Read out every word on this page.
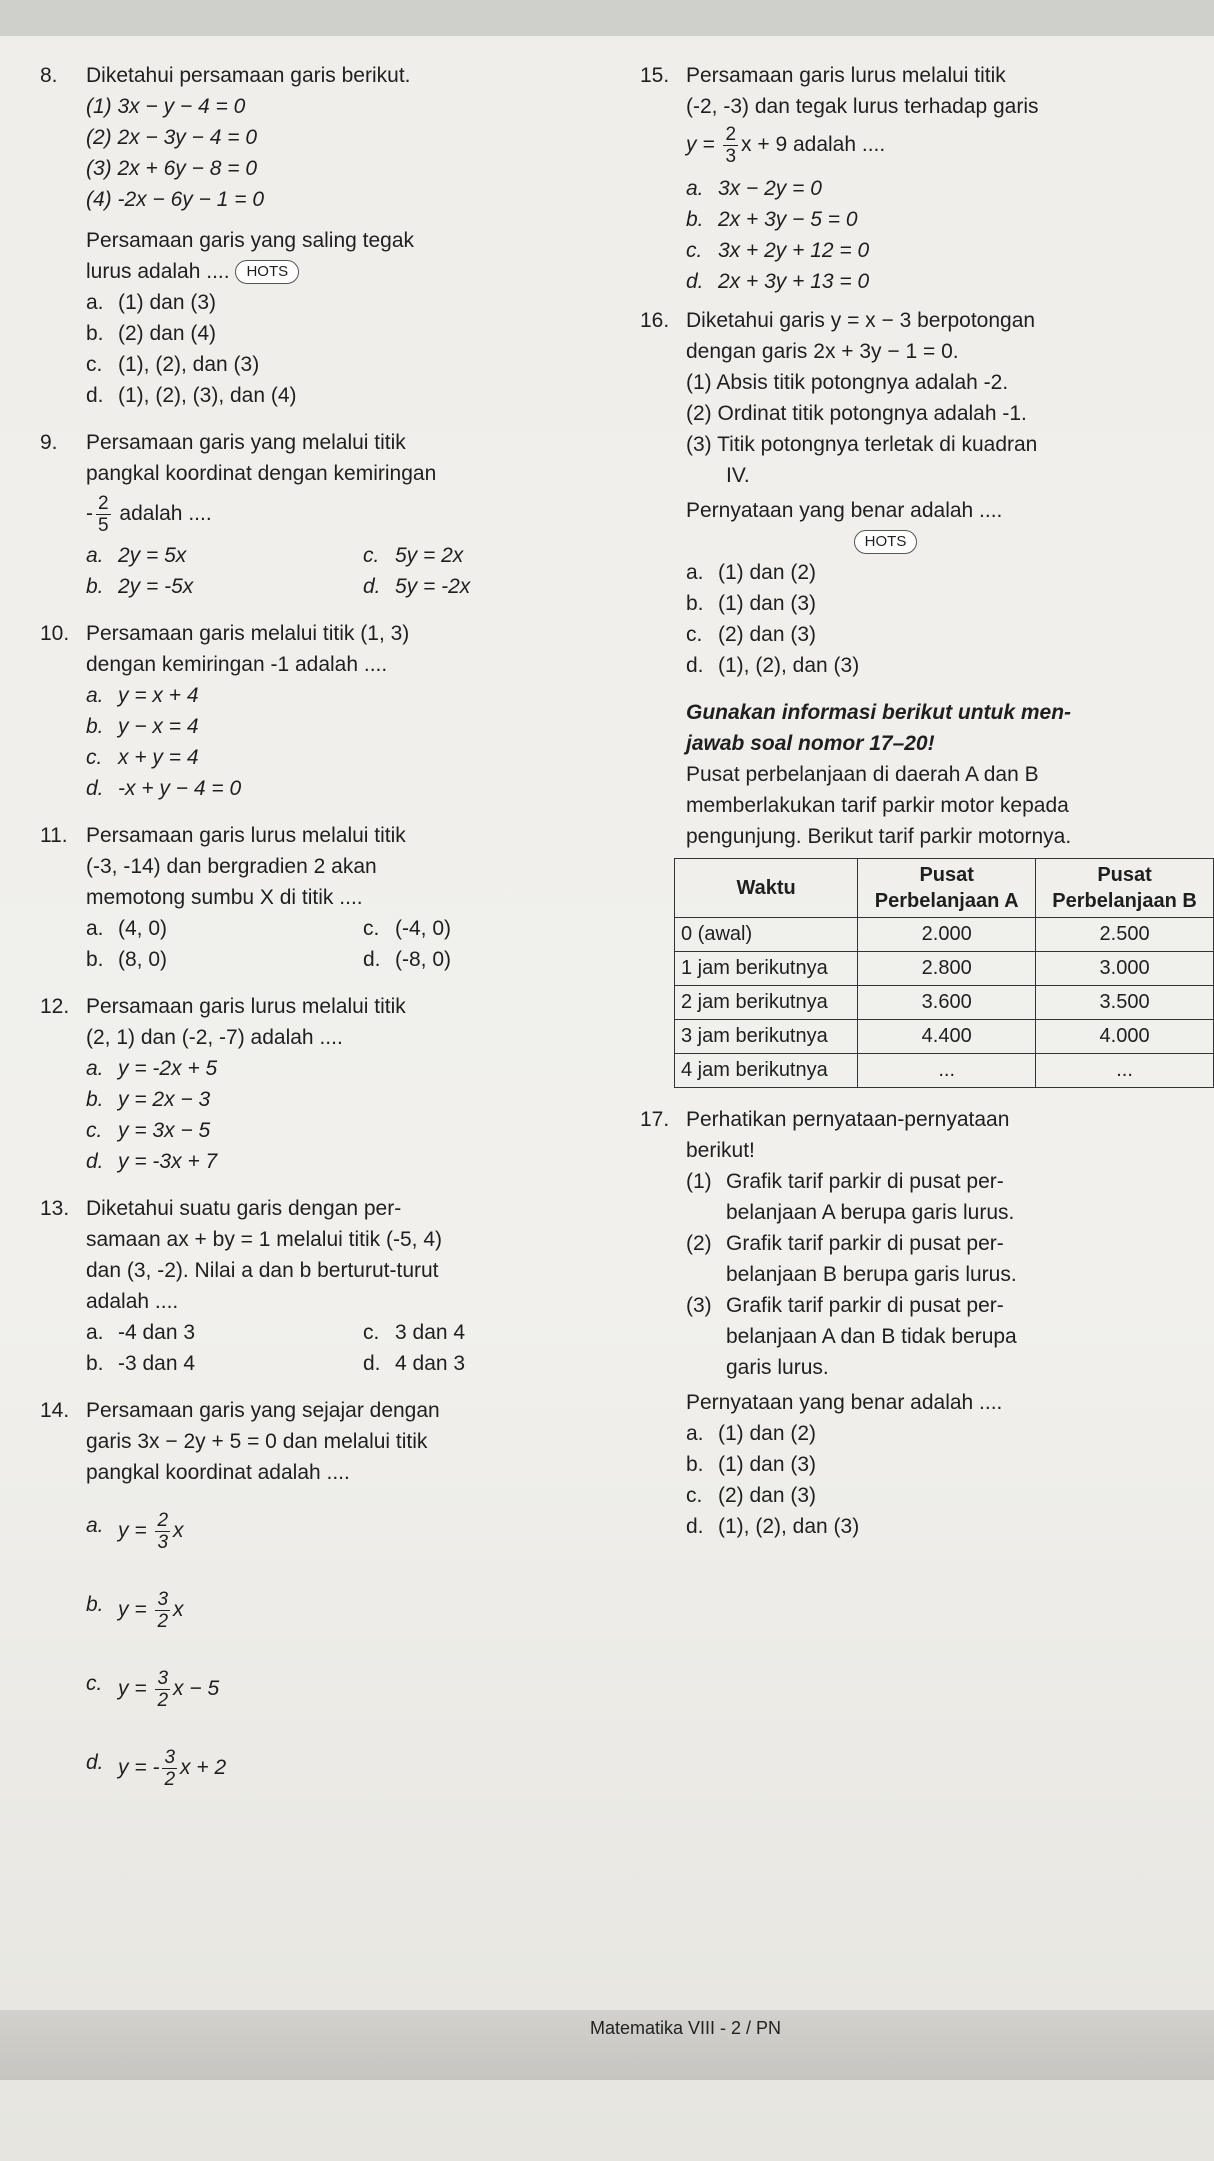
8. Diketahui persamaan garis berikut.
(1) 3x − y − 4 = 0
(2) 2x − 3y − 4 = 0
(3) 2x + 6y − 8 = 0
(4) -2x − 6y − 1 = 0
Persamaan garis yang saling tegak
lurus adalah .... HOTS
a. (1) dan (3)
b. (2) dan (4)
c. (1), (2), dan (3)
d. (1), (2), (3), dan (4)
9. Persamaan garis yang melalui titik
pangkal koordinat dengan kemiringan
- $\frac{2}{5}$ adalah ....
a. 2y = 5x	c. 5y = 2x
b. 2y = -5x	d. 5y = -2x
10. Persamaan garis melalui titik (1, 3)
dengan kemiringan -1 adalah ....
a. y = x + 4
b. y − x = 4
c. x + y = 4
d. -x + y − 4 = 0
11. Persamaan garis lurus melalui titik
(-3, -14) dan bergradien 2 akan
memotong sumbu X di titik ....
a. (4, 0)	c. (-4, 0)
b. (8, 0)	d. (-8, 0)
12. Persamaan garis lurus melalui titik
(2, 1) dan (-2, -7) adalah ....
a. y = -2x + 5
b. y = 2x − 3
c. y = 3x − 5
d. y = -3x + 7
13. Diketahui suatu garis dengan per-
samaan ax + by = 1 melalui titik (-5, 4)
dan (3, -2). Nilai a dan b berturut-turut
adalah ....
a. -4 dan 3	c. 3 dan 4
b. -3 dan 4	d. 4 dan 3
14. Persamaan garis yang sejajar dengan
garis 3x − 2y + 5 = 0 dan melalui titik
pangkal koordinat adalah ....
a. $y = \frac{2}{3}$ x
b. $y = \frac{3}{2}$ x
c. $y = \frac{3}{2}$ x − 5
d. y = - $\frac{3}{2}$ x + 2
15. Persamaan garis lurus melalui titik
(-2, -3) dan tegak lurus terhadap garis
$y = \frac{2}{3}$ x + 9 adalah ....
a. 3x − 2y = 0
b. 2x + 3y − 5 = 0
c. 3x + 2y + 12 = 0
d. 2x + 3y + 13 = 0
16. Diketahui garis y = x − 3 berpotongan
dengan garis 2x + 3y − 1 = 0.
(1) Absis titik potongnya adalah -2.
(2) Ordinat titik potongnya adalah -1.
(3) Titik potongnya terletak di kuadran
IV.
Pernyataan yang benar adalah ....
HOTS
a. (1) dan (2)
b. (1) dan (3)
c. (2) dan (3)
d. (1), (2), dan (3)
Gunakan informasi berikut untuk men-
jawab soal nomor 17–20!
Pusat perbelanjaan di daerah A dan B
memberlakukan tarif parkir motor kepada
pengunjung. Berikut tarif parkir motornya.
Waktu	Pusat Perbelanjaan A	Pusat Perbelanjaan B
0 (awal)	2.000	2.500
1 jam berikutnya	2.800	3.000
2 jam berikutnya	3.600	3.500
3 jam berikutnya	4.400	4.000
4 jam berikutnya	...	...
17. Perhatikan pernyataan-pernyataan
berikut!
(1) Grafik tarif parkir di pusat per-
belanjaan A berupa garis lurus.
(2) Grafik tarif parkir di pusat per-
belanjaan B berupa garis lurus.
(3) Grafik tarif parkir di pusat per-
belanjaan A dan B tidak berupa
garis lurus.
Pernyataan yang benar adalah ....
a. (1) dan (2)
b. (1) dan (3)
c. (2) dan (3)
d. (1), (2), dan (3)
Matematika VIII - 2 / PN
